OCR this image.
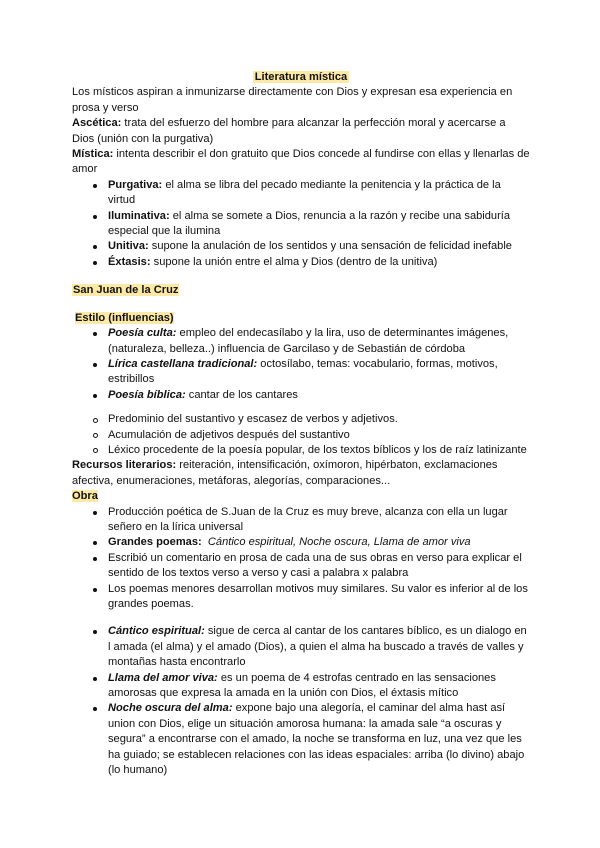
Literatura mística

Los místicos aspiran a inmunizarse directamente con Dios y expresan esa experiencia en prosa y verso

Ascética: trata del esfuerzo del hombre para alcanzar la perfección moral y acercarse a Dios (unión con la purgativa)

Mística: intenta describir el don gratuito que Dios concede al fundirse con ellas y llenarlas de amor

Purgativa: el alma se libra del pecado mediante la penitencia y la práctica de la virtud
Iluminativa: el alma se somete a Dios, renuncia a la razón y recibe una sabiduría especial que la ilumina
Unitiva: supone la anulación de los sentidos y una sensación de felicidad inefable
Éxtasis: supone la unión entre el alma y Dios (dentro de la unitiva)
San Juan de la Cruz
Estilo (influencias)
Poesía culta: empleo del endecasílabo y la lira, uso de determinantes imágenes, (naturaleza, belleza..) influencia de Garcilaso y de Sebastián de córdoba
Lírica castellana tradicional: octosílabo, temas: vocabulario, formas, motivos, estribillos
Poesía bíblica: cantar de los cantares
Predominio del sustantivo y escasez de verbos y adjetivos.
Acumulación de adjetivos después del sustantivo
Léxico procedente de la poesía popular, de los textos bíblicos y los de raíz latinizante

Recursos literarios: reiteración, intensificación, oxímoron, hipérbaton, exclamaciones afectiva, enumeraciones, metáforas, alegorías, comparaciones...

Obra
Producción poética de S.Juan de la Cruz es muy breve, alcanza con ella un lugar señero en la lírica universal
Grandes poemas: Cántico espiritual, Noche oscura, Llama de amor viva
Escribió un comentario en prosa de cada una de sus obras en verso para explicar el sentido de los textos verso a verso y casi a palabra x palabra
Los poemas menores desarrollan motivos muy similares. Su valor es inferior al de los grandes poemas.
Cántico espiritual: sigue de cerca al cantar de los cantares bíblico, es un dialogo en l amada (el alma) y el amado (Dios), a quien el alma ha buscado a través de valles y montañas hasta encontrarlo
Llama del amor viva: es un poema de 4 estrofas centrado en las sensaciones amorosas que expresa la amada en la unión con Dios, el éxtasis mítico
Noche oscura del alma: expone bajo una alegoría, el caminar del alma hast así union con Dios, elige un situación amorosa humana: la amada sale “a oscuras y segura” a encontrarse con el amado, la noche se transforma en luz, una vez que les ha guiado; se establecen relaciones con las ideas espaciales: arriba (lo divino) abajo (lo humano)
